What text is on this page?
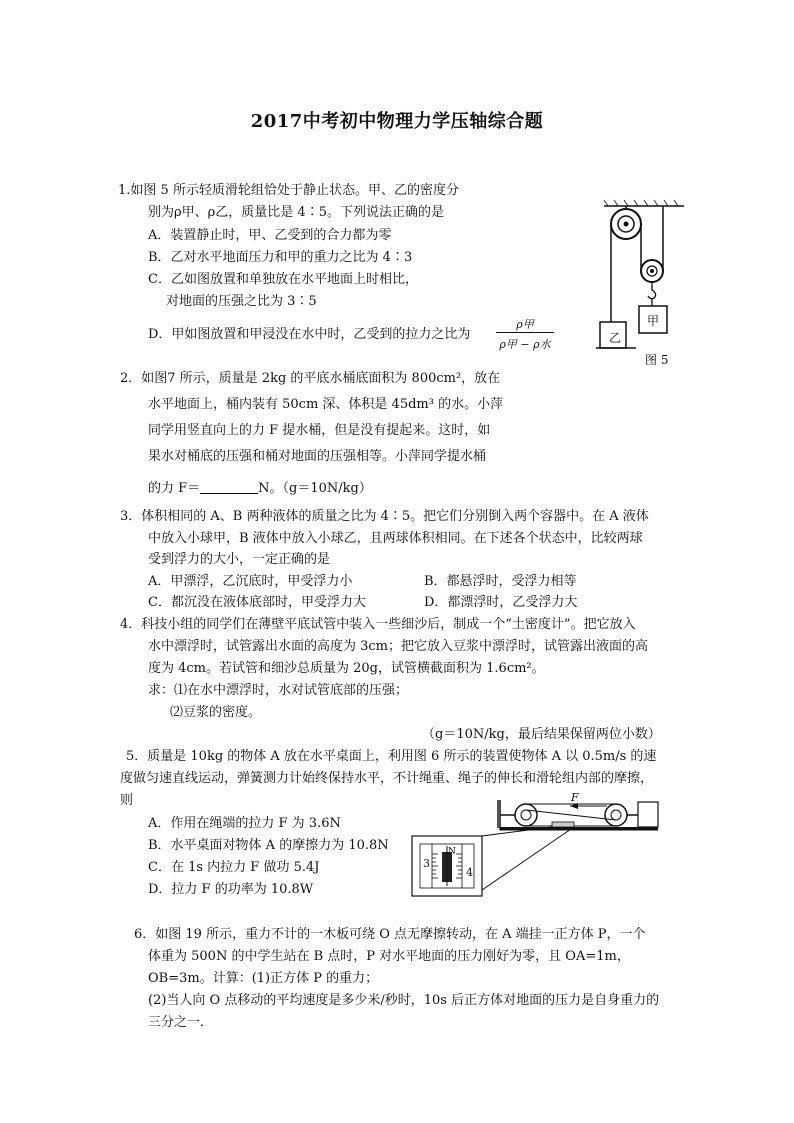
2017中考初中物理力学压轴综合题
1.如图 5 所示轻质滑轮组恰处于静止状态。甲、乙的密度分
别为ρ甲、ρ乙，质量比是 4∶5。下列说法正确的是
A．装置静止时，甲、乙受到的合力都为零
B．乙对水平地面压力和甲的重力之比为 4∶3
C．乙如图放置和单独放在水平地面上时相比，
对地面的压强之比为 3∶5
D．甲如图放置和甲浸没在水中时，乙受到的拉力之比为
ρ甲
ρ甲 − ρ水
甲
乙
图 5
2．如图7 所示，质量是 2kg 的平底水桶底面积为 800cm²，放在
水平地面上，桶内装有 50cm 深、体积是 45dm³ 的水。小萍
同学用竖直向上的力 F 提水桶，但是没有提起来。这时，如
果水对桶底的压强和桶对地面的压强相等。小萍同学提水桶
的力 F＝	N。（g＝10N/kg）
3．体积相同的 A、B 两种液体的质量之比为 4∶5。把它们分别倒入两个容器中。在 A 液体
中放入小球甲，B 液体中放入小球乙，且两球体积相同。在下述各个状态中，比较两球
受到浮力的大小，一定正确的是
A．甲漂浮，乙沉底时，甲受浮力小	B．都悬浮时，受浮力相等
C．都沉没在液体底部时，甲受浮力大	D．都漂浮时，乙受浮力大
4．科技小组的同学们在薄壁平底试管中装入一些细沙后，制成一个“土密度计”。把它放入
水中漂浮时，试管露出水面的高度为 3cm；把它放入豆浆中漂浮时，试管露出液面的高
度为 4cm。若试管和细沙总质量为 20g，试管横截面积为 1.6cm²。
求：⑴在水中漂浮时，水对试管底部的压强；
⑵豆浆的密度。
（g＝10N/kg，最后结果保留两位小数）
5．质量是 10kg 的物体 A 放在水平桌面上，利用图 6 所示的装置使物体 A 以 0.5m/s 的速
度做匀速直线运动，弹簧测力计始终保持水平，不计绳重、绳子的伸长和滑轮组内部的摩擦，
则
A．作用在绳端的拉力 F 为 3.6N
B．水平桌面对物体 A 的摩擦力为 10.8N
C．在 1s 内拉力 F 做功 5.4J
D．拉力 F 的功率为 10.8W
F
N
3
4
6．如图 19 所示，重力不计的一木板可绕 O 点无摩擦转动，在 A 端挂一正方体 P，一个
体重为 500N 的中学生站在 B 点时，P 对水平地面的压力刚好为零，且 OA=1m，
OB=3m。计算：(1)正方体 P 的重力；
(2)当人向 O 点移动的平均速度是多少米/秒时，10s 后正方体对地面的压力是自身重力的
三分之一．
